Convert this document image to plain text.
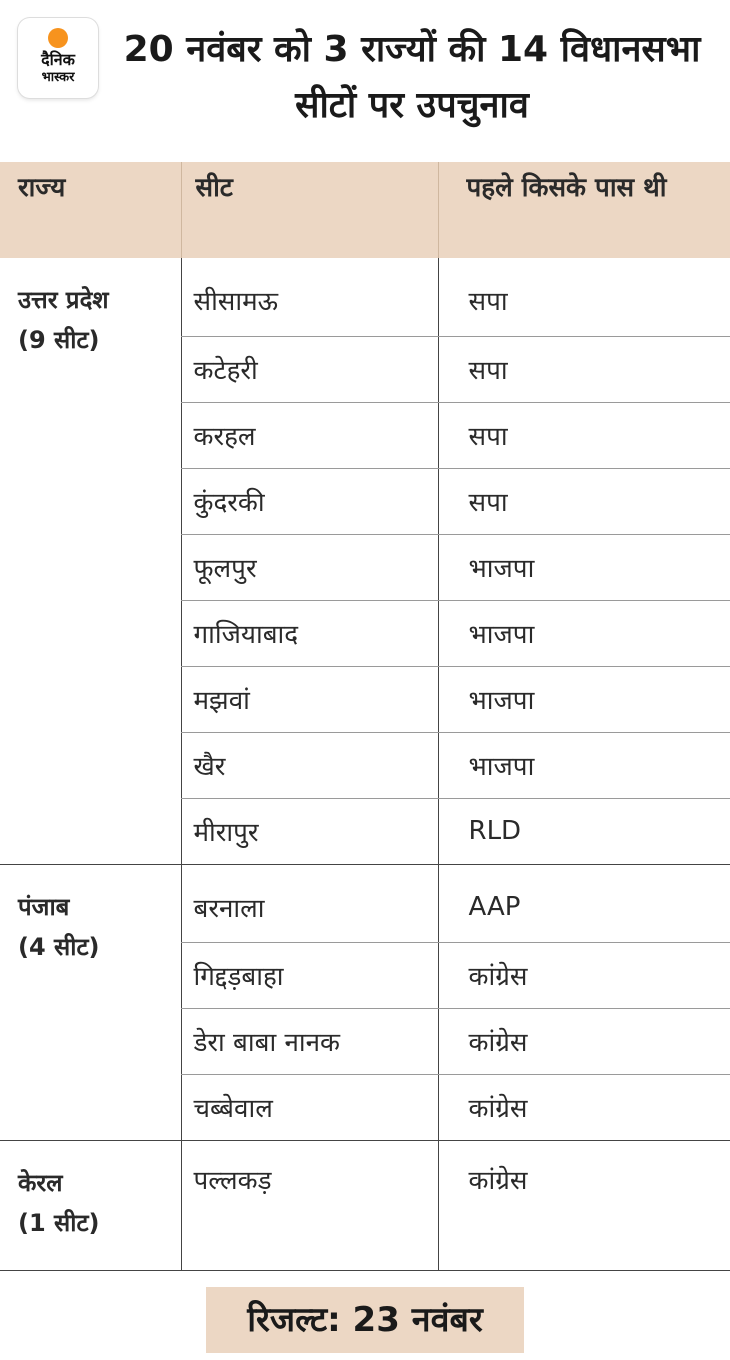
दैनिक
भास्कर
20 नवंबर को 3 राज्यों की 14 विधानसभा सीटों पर उपचुनाव
राज्य	सीट	पहले किसके पास थी

उत्तर प्रदेश
(9 सीट)	सीसामऊ	सपा
	कटेहरी	सपा
	करहल	सपा
	कुंदरकी	सपा
	फूलपुर	भाजपा
	गाजियाबाद	भाजपा
	मझवां	भाजपा
	खैर	भाजपा
	मीरापुर	RLD

पंजाब
(4 सीट)	बरनाला	AAP
	गिद्दड़बाहा	कांग्रेस
	डेरा बाबा नानक	कांग्रेस
	चब्बेवाल	कांग्रेस

केरल
(1 सीट)	पल्लकड़	कांग्रेस
रिजल्ट: 23 नवंबर
